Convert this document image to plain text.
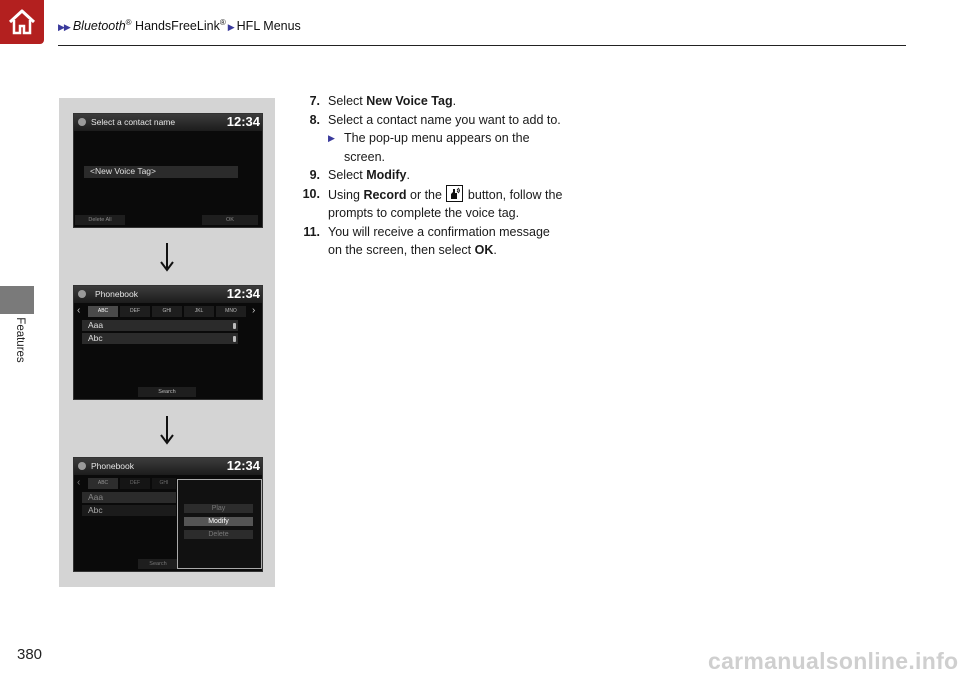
▶▶ Bluetooth® HandsFreeLink® ▶ HFL Menus
Features
Select a contact name	12:34
<New Voice Tag>
Delete All	OK
Phonebook	12:34
‹	ABC	DEF	GHI	JKL	MNO	›
Aaa
Abc
Search
Phonebook	12:34
‹	ABC	DEF	GHI
Aaa
Abc
Search
Play
Modify
Delete
7. Select New Voice Tag.
8. Select a contact name you want to add to.
▶ The pop-up menu appears on the
screen.
9. Select Modify.
10. Using Record or the
button, follow the
prompts to complete the voice tag.
11. You will receive a confirmation message
on the screen, then select OK.
380	carmanualsonline.info
